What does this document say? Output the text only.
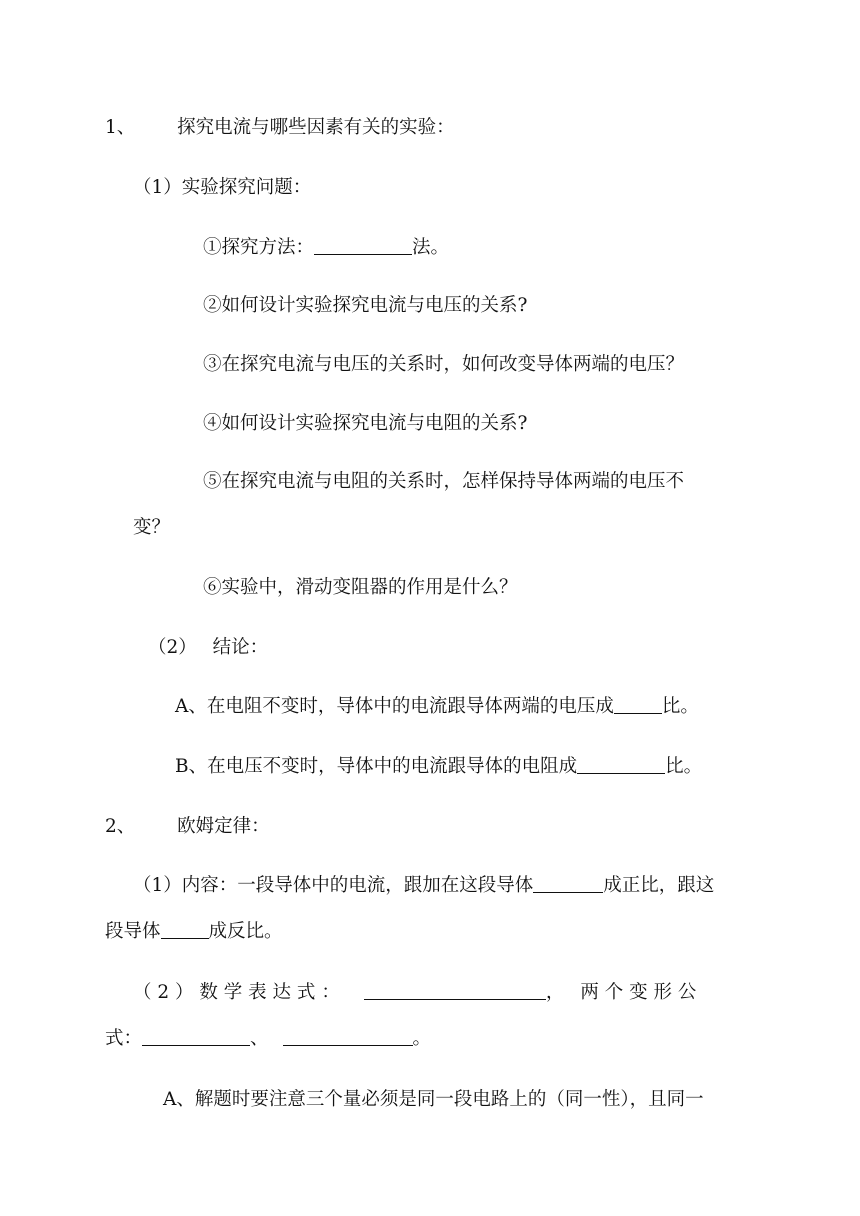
1、 探究电流与哪些因素有关的实验：
（1）实验探究问题：
①探究方法：	法。
②如何设计实验探究电流与电压的关系?
③在探究电流与电压的关系时，如何改变导体两端的电压？
④如何设计实验探究电流与电阻的关系?
⑤在探究电流与电阻的关系时，怎样保持导体两端的电压不
变？
⑥实验中，滑动变阻器的作用是什么？
（2） 结论：
A、在电阻不变时，导体中的电流跟导体两端的电压成	比。
B、在电压不变时，导体中的电流跟导体的电阻成	比。
2、 欧姆定律：
（1）内容：一段导体中的电流，跟加在这段导体	成正比，跟这
段导体	成反比。
（ 2 ） 数 学 表 达 式 ：	， 两 个 变 形 公
式：	、	。
A、解题时要注意三个量必须是同一段电路上的（同一性），且同一
